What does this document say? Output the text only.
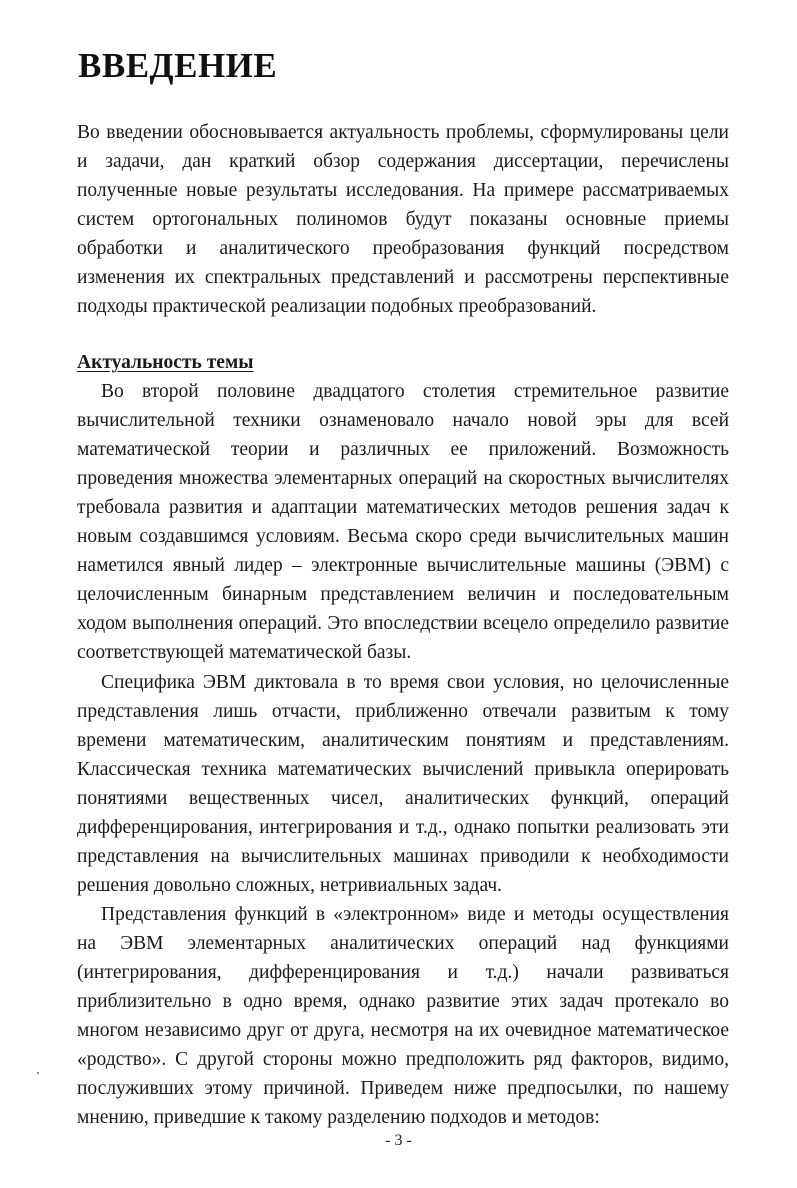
ВВЕДЕНИЕ

Во введении обосновывается актуальность проблемы, сформулированы цели и задачи, дан краткий обзор содержания диссертации, перечислены полученные новые результаты исследования. На примере рассматриваемых систем ортогональных полиномов будут показаны основные приемы обработки и аналитического преобразования функций посредством изменения их спектральных представлений и рассмотрены перспективные подходы практической реализации подобных преобразований.

Актуальность темы

Во второй половине двадцатого столетия стремительное развитие вычислительной техники ознаменовало начало новой эры для всей математической теории и различных ее приложений. Возможность проведения множества элементарных операций на скоростных вычислителях требовала развития и адаптации математических методов решения задач к новым создавшимся условиям. Весьма скоро среди вычислительных машин наметился явный лидер – электронные вычислительные машины (ЭВМ) с целочисленным бинарным представлением величин и последовательным ходом выполнения операций. Это впоследствии всецело определило развитие соответствующей математической базы.

Специфика ЭВМ диктовала в то время свои условия, но целочисленные представления лишь отчасти, приближенно отвечали развитым к тому времени математическим, аналитическим понятиям и представлениям. Классическая техника математических вычислений привыкла оперировать понятиями вещественных чисел, аналитических функций, операций дифференцирования, интегрирования и т.д., однако попытки реализовать эти представления на вычислительных машинах приводили к необходимости решения довольно сложных, нетривиальных задач.

Представления функций в «электронном» виде и методы осуществления на ЭВМ элементарных аналитических операций над функциями (интегрирования, дифференцирования и т.д.) начали развиваться приблизительно в одно время, однако развитие этих задач протекало во многом независимо друг от друга, несмотря на их очевидное математическое «родство». С другой стороны можно предположить ряд факторов, видимо, послуживших этому причиной. Приведем ниже предпосылки, по нашему мнению, приведшие к такому разделению подходов и методов:

- 3 -
